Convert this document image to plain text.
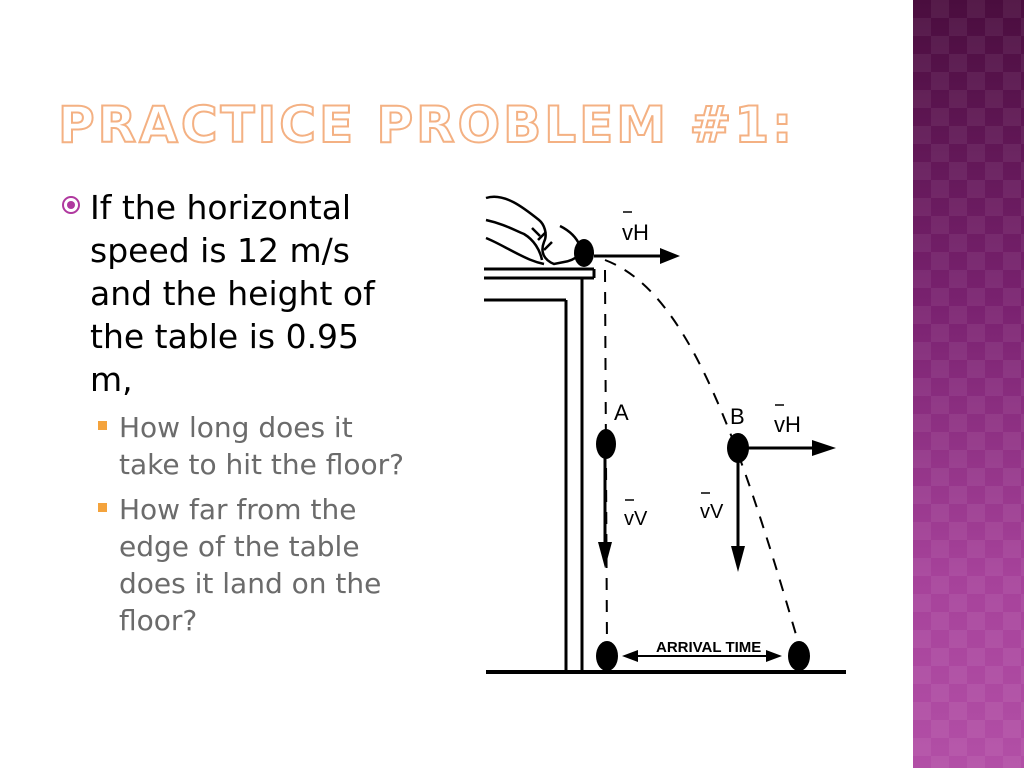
PRACTICE PROBLEM #1:
If the horizontal speed is 12 m/s and the height of the table is 0.95 m,
How long does it take to hit the floor?
How far from the edge of the table does it land on the floor?
vH
A
vV
B vH
vV
ARRIVAL TIME
